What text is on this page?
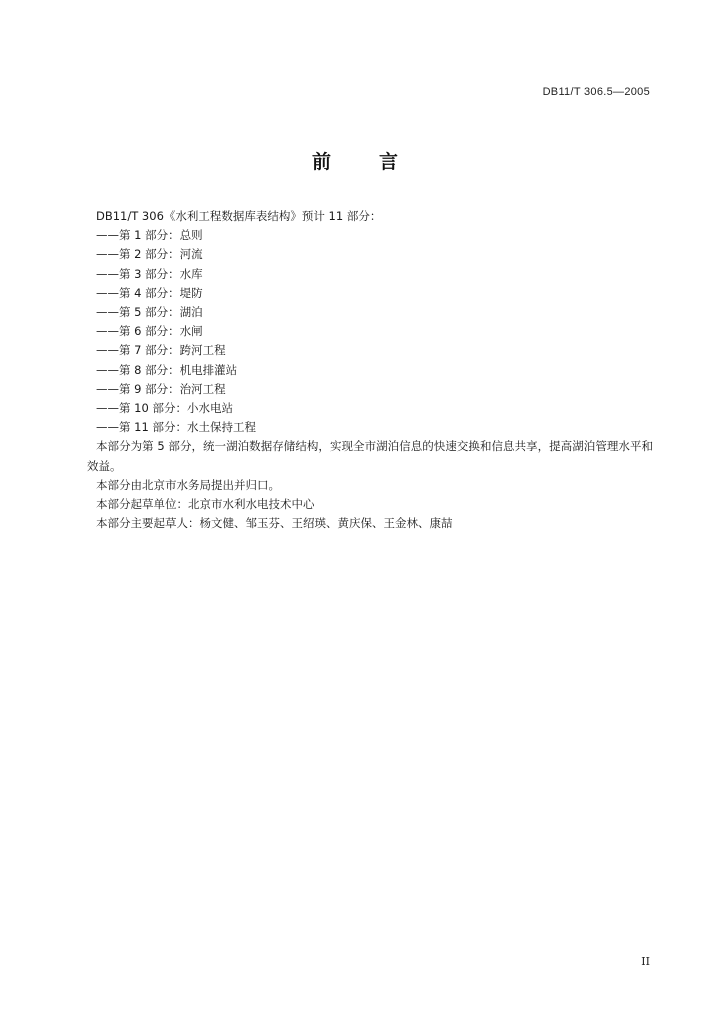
DB11/T 306.5—2005
前	言
DB11/T 306《水利工程数据库表结构》预计 11 部分：
——第 1 部分：总则
——第 2 部分：河流
——第 3 部分：水库
——第 4 部分：堤防
——第 5 部分：湖泊
——第 6 部分：水闸
——第 7 部分：跨河工程
——第 8 部分：机电排灌站
——第 9 部分：治河工程
——第 10 部分：小水电站
——第 11 部分：水土保持工程
本部分为第 5 部分，统一湖泊数据存储结构，实现全市湖泊信息的快速交换和信息共享，提高湖泊管理水平和效益。
本部分由北京市水务局提出并归口。
本部分起草单位：北京市水利水电技术中心
本部分主要起草人：杨文健、邹玉芬、王绍瑛、黄庆保、王金林、康喆
II
